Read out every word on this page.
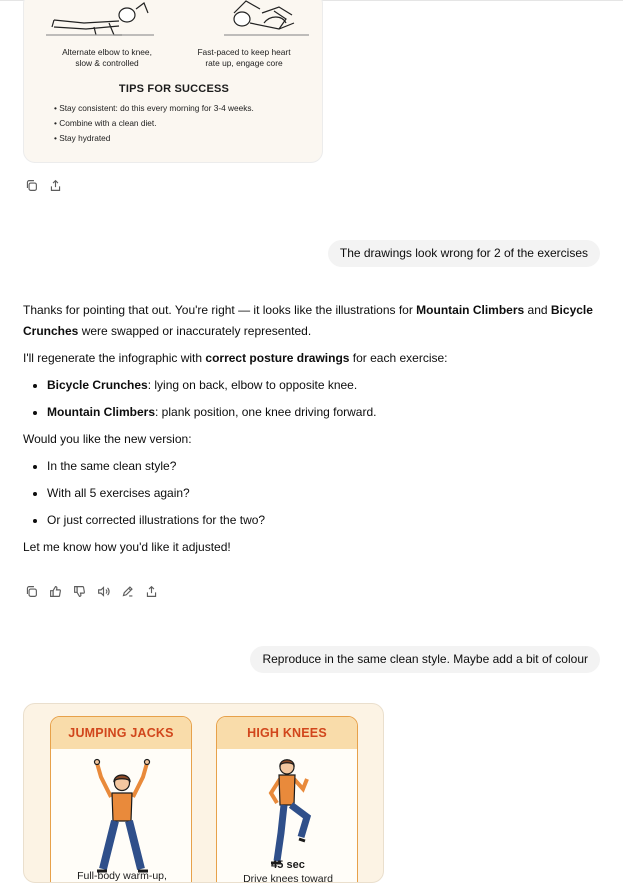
Alternate elbow to knee,
slow & controlled
Fast-paced to keep heart
rate up, engage core
TIPS FOR SUCCESS
• Stay consistent: do this every morning for 3-4 weeks.
• Combine with a clean diet.
• Stay hydrated
The drawings look wrong for 2 of the exercises

Thanks for pointing that out. You're right — it looks like the illustrations for Mountain Climbers and Bicycle Crunches were swapped or inaccurately represented.

I'll regenerate the infographic with correct posture drawings for each exercise:

• Bicycle Crunches: lying on back, elbow to opposite knee.
• Mountain Climbers: plank position, one knee driving forward.

Would you like the new version:

• In the same clean style?
• With all 5 exercises again?
• Or just corrected illustrations for the two?

Let me know how you'd like it adjusted!

Reproduce in the same clean style. Maybe add a bit of colour
JUMPING JACKS
Full-body warm-up,
HIGH KNEES
45 sec
Drive knees toward
